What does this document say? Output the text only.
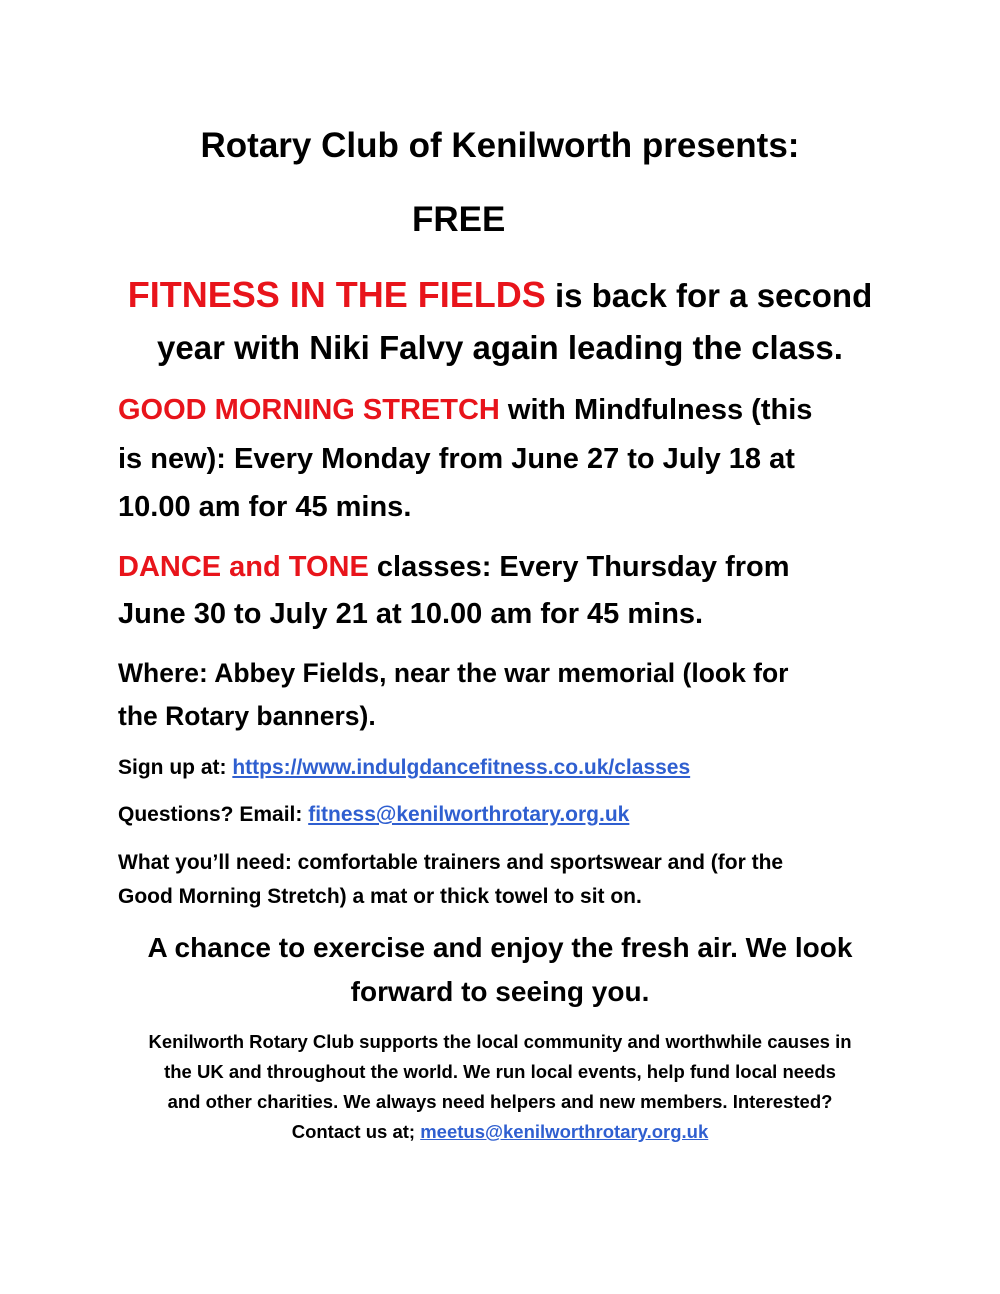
Rotary Club of Kenilworth presents:
FREE
FITNESS IN THE FIELDS is back for a second
year with Niki Falvy again leading the class.
GOOD MORNING STRETCH with Mindfulness (this
is new): Every Monday from June 27 to July 18 at
10.00 am for 45 mins.
DANCE and TONE classes: Every Thursday from
June 30 to July 21 at 10.00 am for 45 mins.
Where: Abbey Fields, near the war memorial (look for
the Rotary banners).
Sign up at: https://www.indulgdancefitness.co.uk/classes
Questions? Email: fitness@kenilworthrotary.org.uk
What you’ll need: comfortable trainers and sportswear and (for the
Good Morning Stretch) a mat or thick towel to sit on.
A chance to exercise and enjoy the fresh air. We look
forward to seeing you.
Kenilworth Rotary Club supports the local community and worthwhile causes in
the UK and throughout the world. We run local events, help fund local needs
and other charities. We always need helpers and new members. Interested?
Contact us at; meetus@kenilworthrotary.org.uk
